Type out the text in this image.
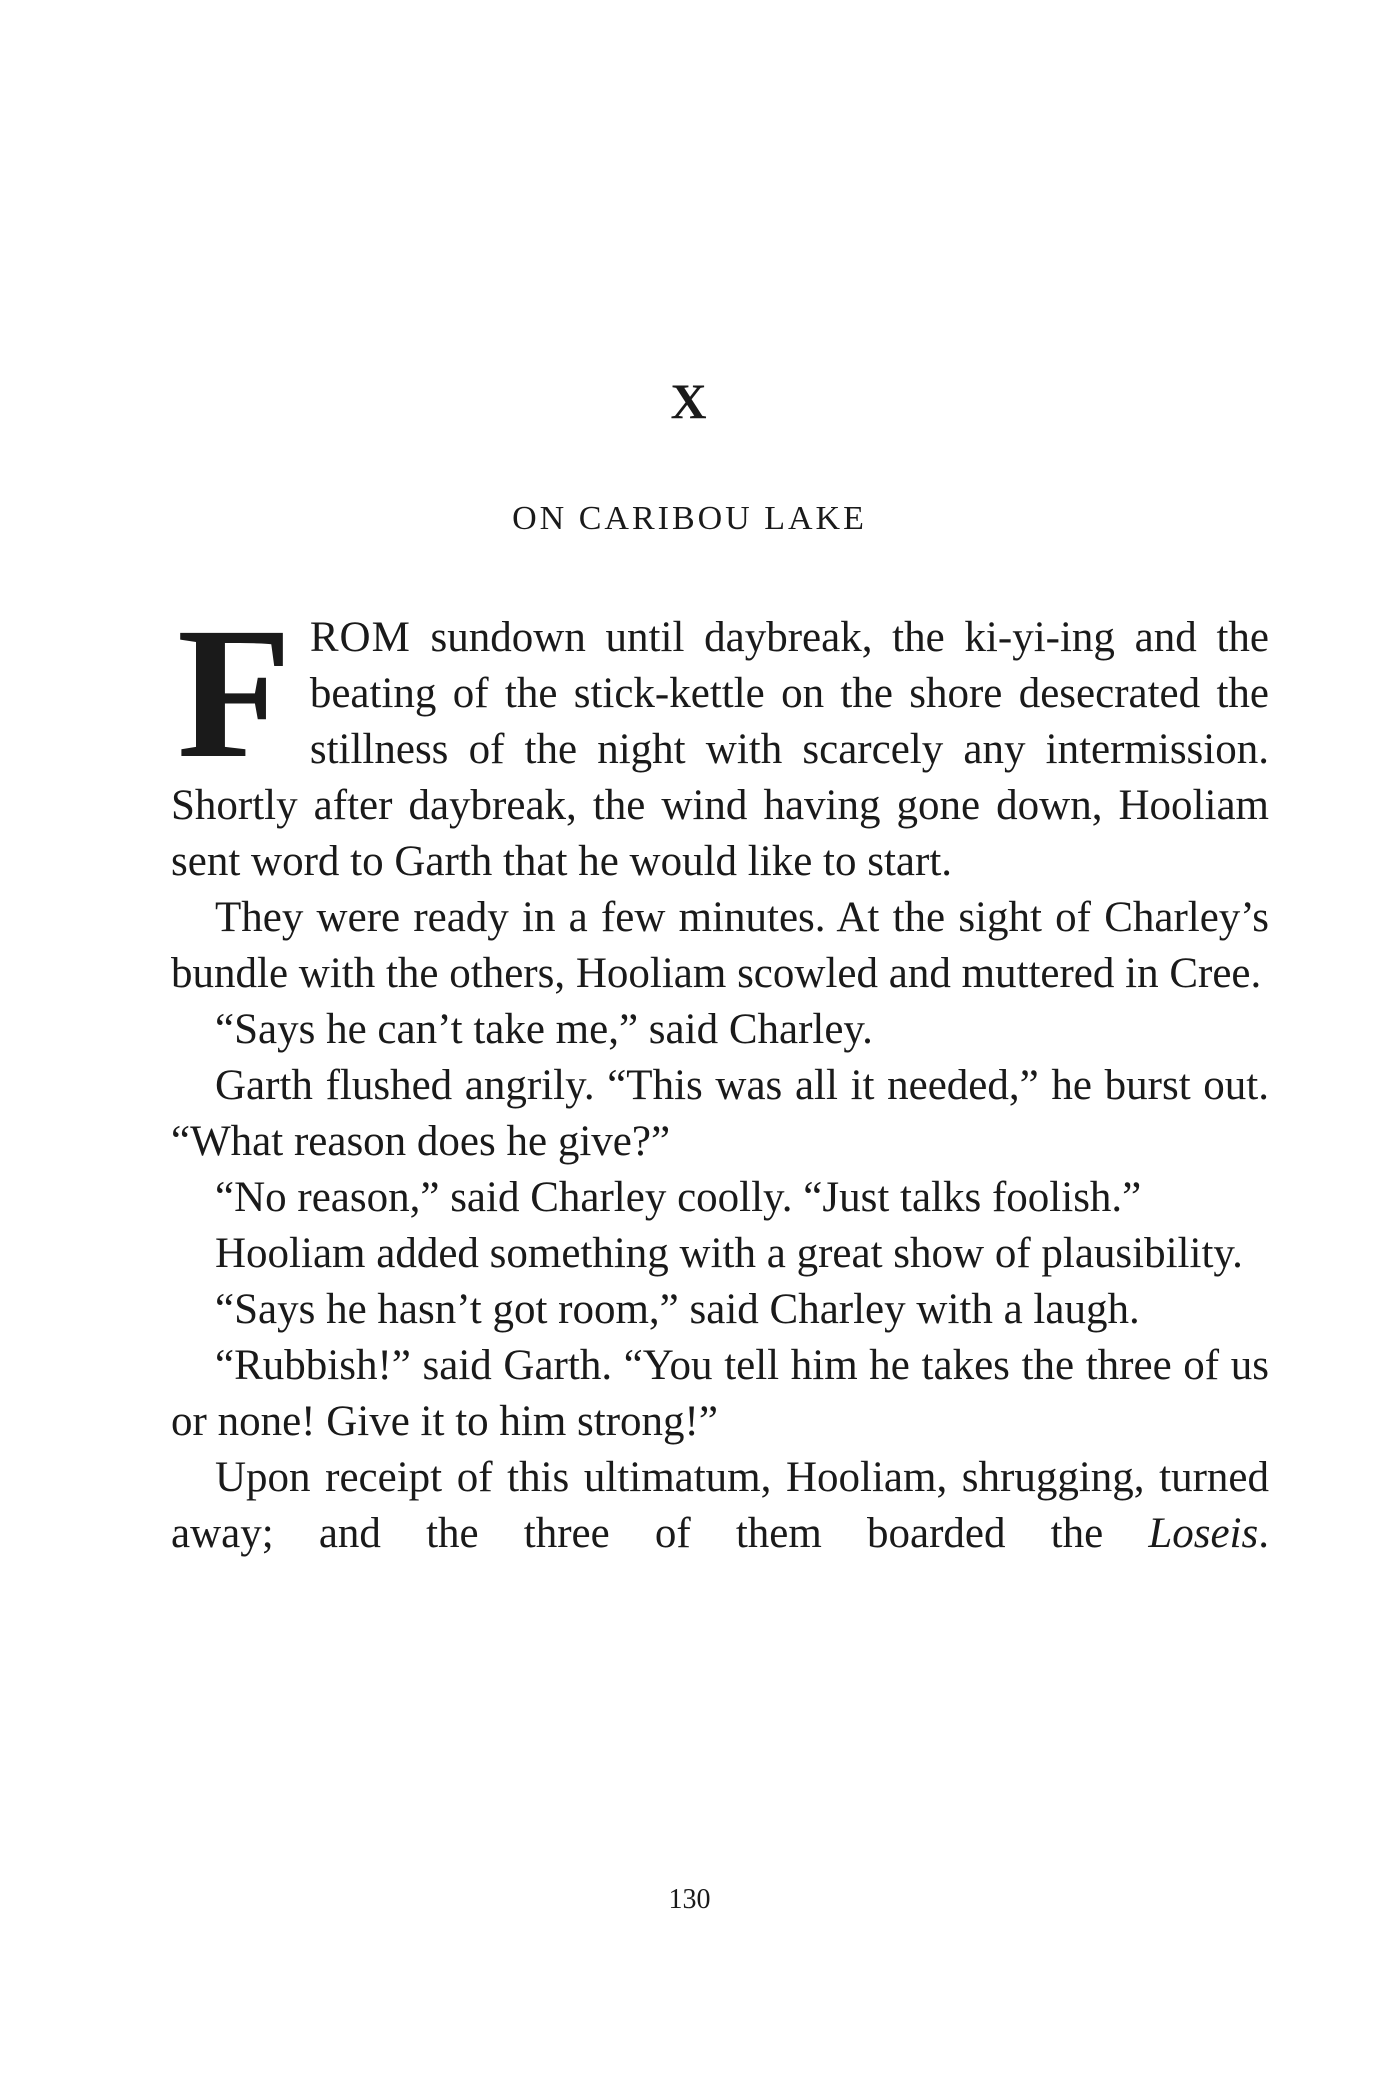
X
ON CARIBOU LAKE

FROM sundown until daybreak, the ki-yi-ing and the beating of the stick-kettle on the shore desecrated the stillness of the night with scarcely any intermission. Shortly after daybreak, the wind having gone down, Hooliam sent word to Garth that he would like to start.

They were ready in a few minutes. At the sight of Charley’s bundle with the others, Hooliam scowled and muttered in Cree.

“Says he can’t take me,” said Charley.

Garth flushed angrily. “This was all it needed,” he burst out. “What reason does he give?”

“No reason,” said Charley coolly. “Just talks foolish.”

Hooliam added something with a great show of plausibility.

“Says he hasn’t got room,” said Charley with a laugh.

“Rubbish!” said Garth. “You tell him he takes the three of us or none! Give it to him strong!”

Upon receipt of this ultimatum, Hooliam, shrugging, turned away; and the three of them boarded the Loseis.

130
